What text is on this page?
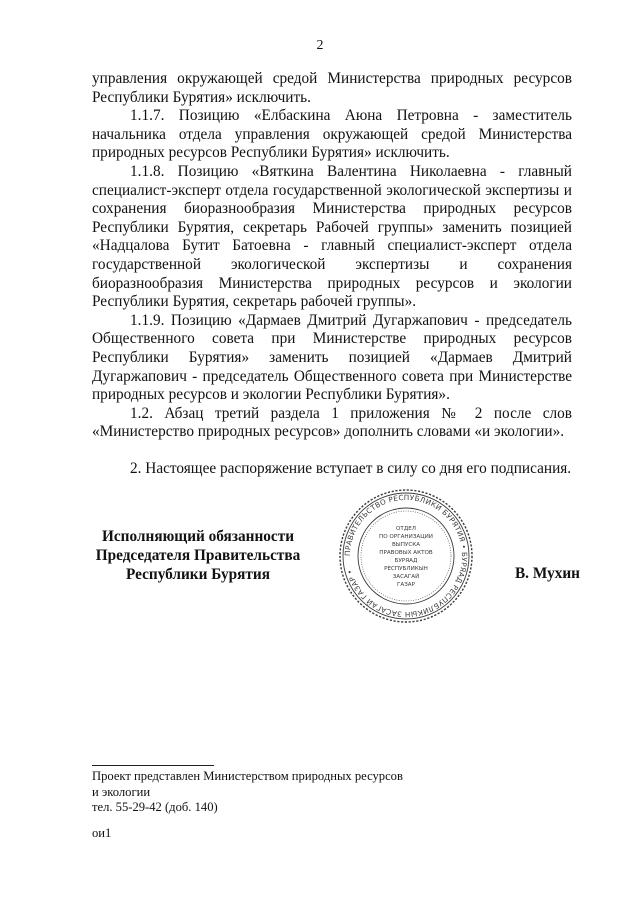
2

управления окружающей средой Министерства природных ресурсов Республики Бурятия» исключить.

1.1.7. Позицию «Елбаскина Аюна Петровна - заместитель начальника отдела управления окружающей средой Министерства природных ресурсов Республики Бурятия» исключить.

1.1.8. Позицию «Вяткина Валентина Николаевна - главный специалист-эксперт отдела государственной экологической экспертизы и сохранения биоразнообразия Министерства природных ресурсов Республики Бурятия, секретарь Рабочей группы» заменить позицией «Надцалова Бутит Батоевна - главный специалист-эксперт отдела государственной экологической экспертизы и сохранения биоразнообразия Министерства природных ресурсов и экологии Республики Бурятия, секретарь рабочей группы».

1.1.9. Позицию «Дармаев Дмитрий Дугаржапович - председатель Общественного совета при Министерстве природных ресурсов Республики Бурятия» заменить позицией «Дармаев Дмитрий Дугаржапович - председатель Общественного совета при Министерстве природных ресурсов и экологии Республики Бурятия».

1.2. Абзац третий раздела 1 приложения № 2 после слов «Министерство природных ресурсов» дополнить словами «и экологии».

2. Настоящее распоряжение вступает в силу со дня его подписания.

Исполняющий обязанности
Председателя Правительства
Республики Бурятия
ПРАВИТЕЛЬСТВО РЕСПУБЛИКИ БУРЯТИЯ • БУРЯАД РЕСПУБЛИКЫН ЗАСАГАЙ ГАЗАР •
ОТДЕЛ
ПО ОРГАНИЗАЦИИ
ВЫПУСКА
ПРАВОВЫХ АКТОВ
БУРЯАД
РЕСПУБЛИКЫН
ЗАСАГАЙ
ГАЗАР
В. Мухин
Проект представлен Министерством природных ресурсов
и экологии
тел. 55-29-42 (доб. 140)
ои1
